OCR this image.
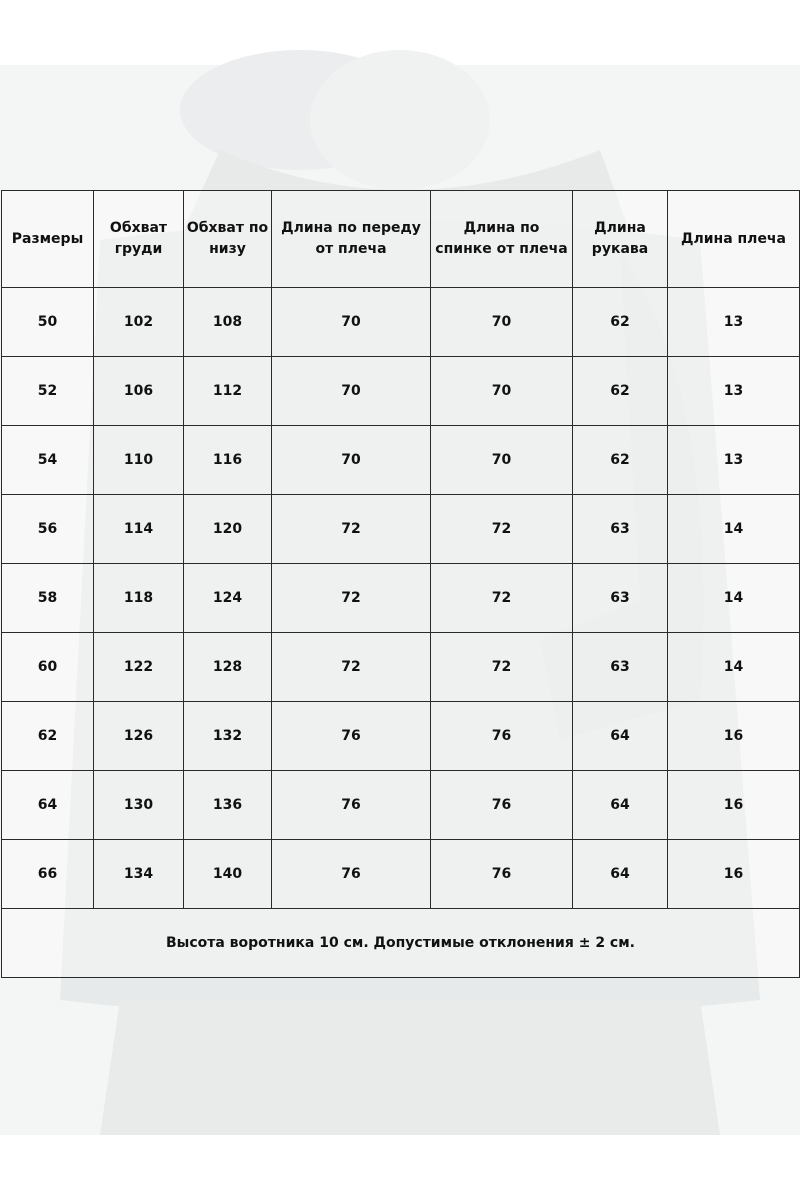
Размеры	Обхват груди	Обхват по низу	Длина по переду от плеча	Длина по спинке от плеча	Длина рукава	Длина плеча
50	102	108	70	70	62	13
52	106	112	70	70	62	13
54	110	116	70	70	62	13
56	114	120	72	72	63	14
58	118	124	72	72	63	14
60	122	128	72	72	63	14
62	126	132	76	76	64	16
64	130	136	76	76	64	16
66	134	140	76	76	64	16
Высота воротника 10 см. Допустимые отклонения ± 2 см.						
